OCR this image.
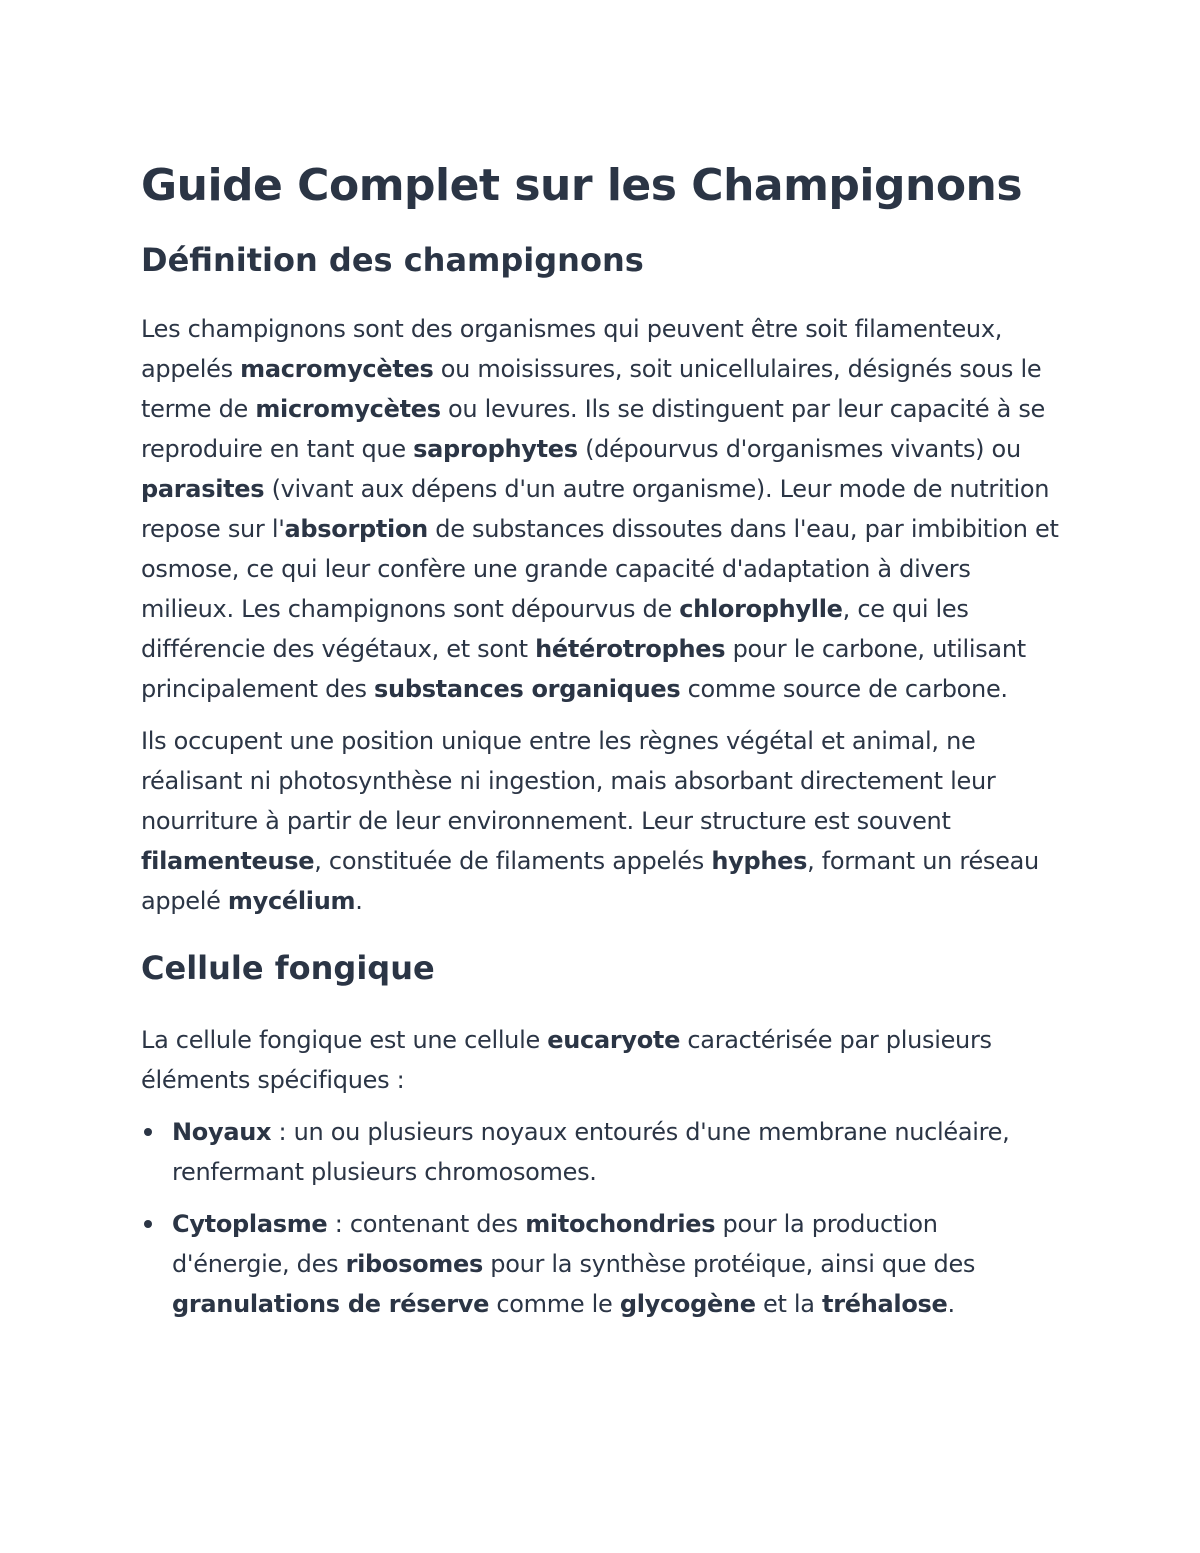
Guide Complet sur les Champignons
Définition des champignons

Les champignons sont des organismes qui peuvent être soit filamenteux, appelés macromycètes ou moisissures, soit unicellulaires, désignés sous le terme de micromycètes ou levures. Ils se distinguent par leur capacité à se reproduire en tant que saprophytes (dépourvus d'organismes vivants) ou parasites (vivant aux dépens d'un autre organisme). Leur mode de nutrition repose sur l'absorption de substances dissoutes dans l'eau, par imbibition et osmose, ce qui leur confère une grande capacité d'adaptation à divers milieux. Les champignons sont dépourvus de chlorophylle, ce qui les différencie des végétaux, et sont hétérotrophes pour le carbone, utilisant principalement des substances organiques comme source de carbone.

Ils occupent une position unique entre les règnes végétal et animal, ne réalisant ni photosynthèse ni ingestion, mais absorbant directement leur nourriture à partir de leur environnement. Leur structure est souvent filamenteuse, constituée de filaments appelés hyphes, formant un réseau appelé mycélium.

Cellule fongique

La cellule fongique est une cellule eucaryote caractérisée par plusieurs éléments spécifiques :

Noyaux : un ou plusieurs noyaux entourés d'une membrane nucléaire, renfermant plusieurs chromosomes.
Cytoplasme : contenant des mitochondries pour la production d'énergie, des ribosomes pour la synthèse protéique, ainsi que des granulations de réserve comme le glycogène et la tréhalose.
